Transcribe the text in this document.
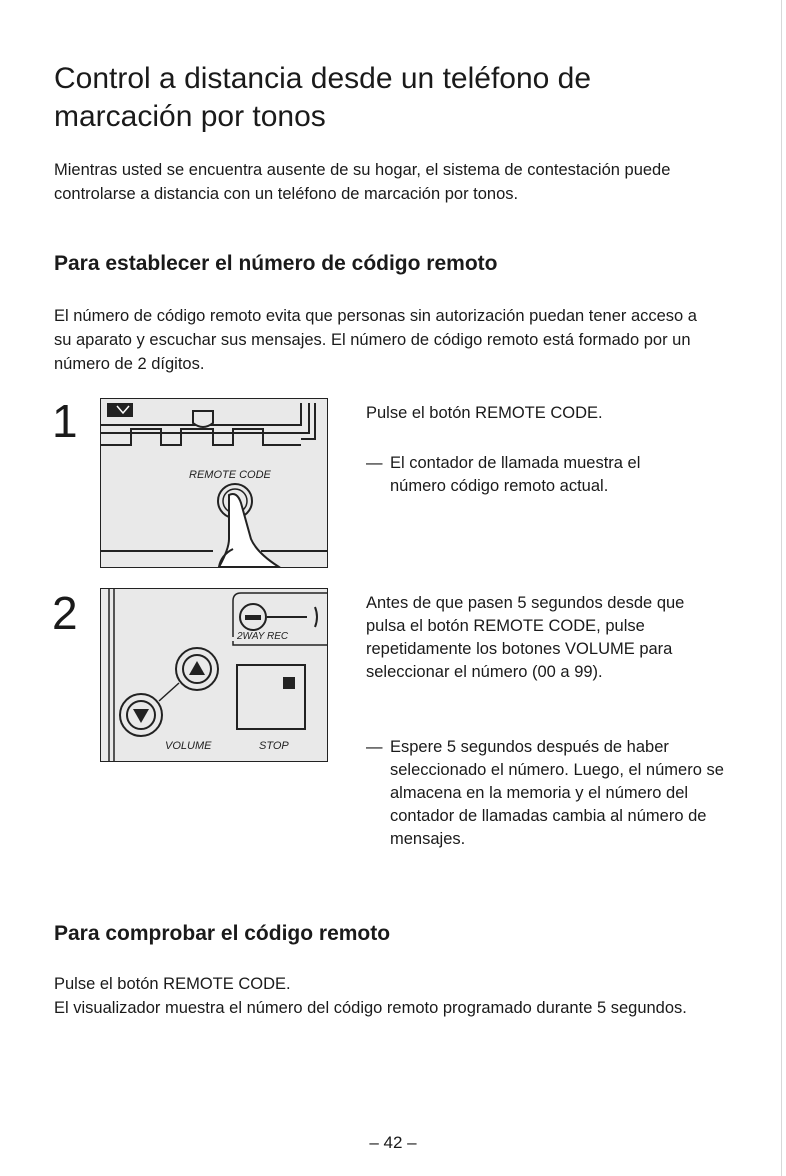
Control a distancia desde un teléfono de
marcación por tonos

Mientras usted se encuentra ausente de su hogar, el sistema de contestación puede controlarse a distancia con un teléfono de marcación por tonos.

Para establecer el número de código remoto

El número de código remoto evita que personas sin autorización puedan tener acceso a su aparato y escuchar sus mensajes. El número de código remoto está formado por un número de 2 dígitos.

1
REMOTE CODE

Pulse el botón REMOTE CODE.

— El contador de llamada muestra el número código remoto actual.
2	2WAY REC
VOLUME	STOP

Antes de que pasen 5 segundos desde que pulsa el botón REMOTE CODE, pulse repetidamente los botones VOLUME para seleccionar el número (00 a 99).

— Espere 5 segundos después de haber seleccionado el número. Luego, el número se almacena en la memoria y el número del contador de llamadas cambia al número de mensajes.
Para comprobar el código remoto

Pulse el botón REMOTE CODE.

El visualizador muestra el número del código remoto programado durante 5 segundos.

– 42 –
